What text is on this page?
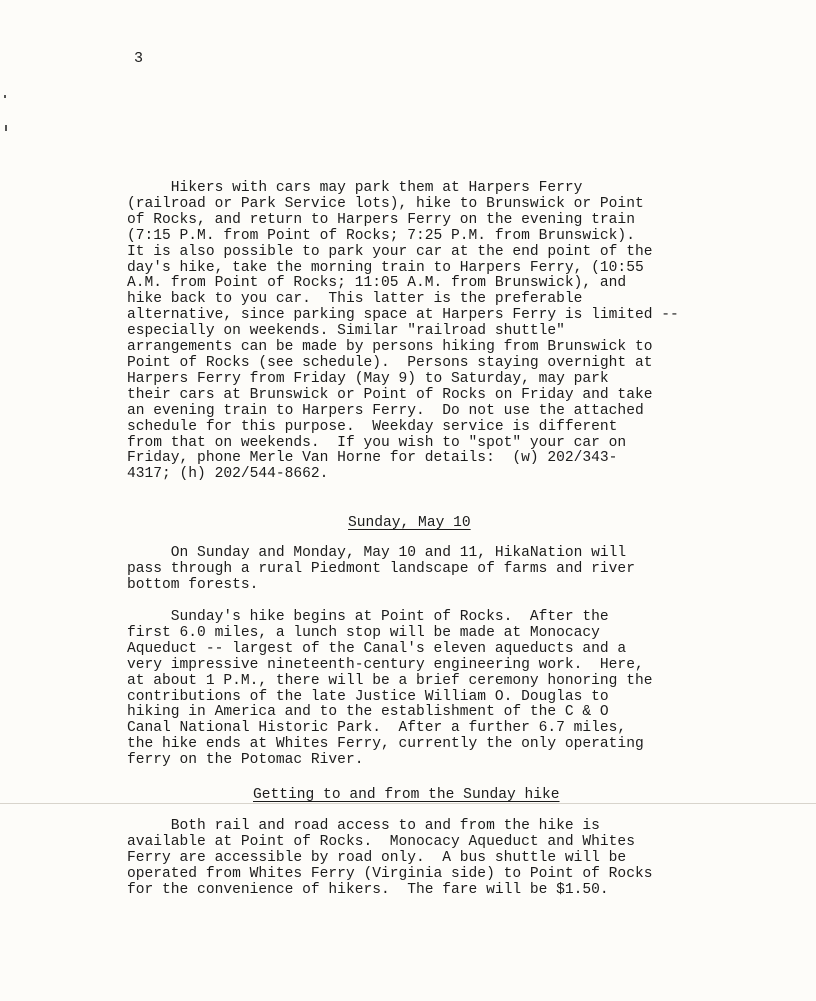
3
Hikers with cars may park them at Harpers Ferry
(railroad or Park Service lots), hike to Brunswick or Point
of Rocks, and return to Harpers Ferry on the evening train
(7:15 P.M. from Point of Rocks; 7:25 P.M. from Brunswick).
It is also possible to park your car at the end point of the
day's hike, take the morning train to Harpers Ferry, (10:55
A.M. from Point of Rocks; 11:05 A.M. from Brunswick), and
hike back to you car.  This latter is the preferable
alternative, since parking space at Harpers Ferry is limited --
especially on weekends. Similar "railroad shuttle"
arrangements can be made by persons hiking from Brunswick to
Point of Rocks (see schedule).  Persons staying overnight at
Harpers Ferry from Friday (May 9) to Saturday, may park
their cars at Brunswick or Point of Rocks on Friday and take
an evening train to Harpers Ferry.  Do not use the attached
schedule for this purpose.  Weekday service is different
from that on weekends.  If you wish to "spot" your car on
Friday, phone Merle Van Horne for details:  (w) 202/343-
4317; (h) 202/544-8662.
Sunday, May 10
On Sunday and Monday, May 10 and 11, HikaNation will
pass through a rural Piedmont landscape of farms and river
bottom forests.
Sunday's hike begins at Point of Rocks.  After the
first 6.0 miles, a lunch stop will be made at Monocacy
Aqueduct -- largest of the Canal's eleven aqueducts and a
very impressive nineteenth-century engineering work.  Here,
at about 1 P.M., there will be a brief ceremony honoring the
contributions of the late Justice William O. Douglas to
hiking in America and to the establishment of the C & O
Canal National Historic Park.  After a further 6.7 miles,
the hike ends at Whites Ferry, currently the only operating
ferry on the Potomac River.
Getting to and from the Sunday hike
Both rail and road access to and from the hike is
available at Point of Rocks.  Monocacy Aqueduct and Whites
Ferry are accessible by road only.  A bus shuttle will be
operated from Whites Ferry (Virginia side) to Point of Rocks
for the convenience of hikers.  The fare will be $1.50.
